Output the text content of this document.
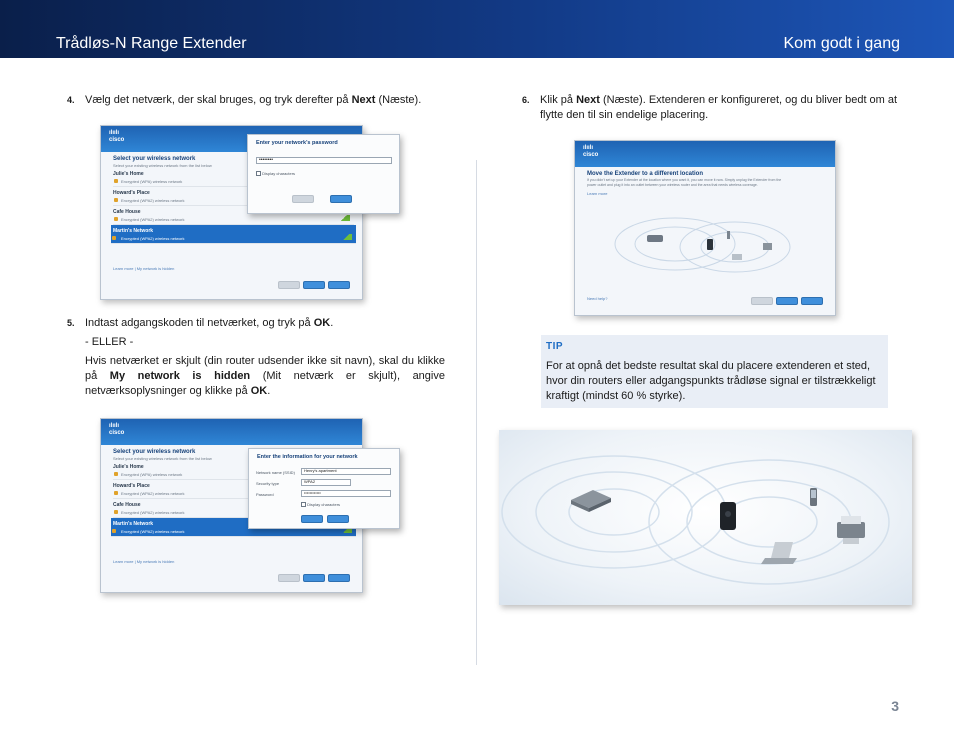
Trådløs-N Range Extender	Kom godt i gang
4. Vælg det netværk, der skal bruges, og tryk derefter på Next (Næste).
ılıılı
cisco
Select your wireless network
Select your existing wireless network from the list below
Julie's Home
Encrypted (WPA) wireless network
Howard's Place
Encrypted (WPA2) wireless network
Cafe House
Encrypted (WPA2) wireless network
Martin's Network
Encrypted (WPA2) wireless network
Learn more | My network is hidden
Enter your network's password
••••••••
Display characters
5. Indtast adgangskoden til netværket, og tryk på OK.
- ELLER -
Hvis netværket er skjult (din router udsender ikke sit navn), skal du klikke på My network is hidden (Mit netværk er skjult), angive netværksoplysninger og klikke på OK.
ılıılı
cisco
Select your wireless network
Select your existing wireless network from the list below
Julie's Home
Encrypted (WPA) wireless network
Howard's Place
Encrypted (WPA2) wireless network
Cafe House
Encrypted (WPA2) wireless network
Martin's Network
Encrypted (WPA2) wireless network
Learn more | My network is hidden
Enter the information for your network
Network name (SSID)	Henry's apartment
Security type	WPA2
Password	••••••••••••
Display characters
6. Klik på Next (Næste). Extenderen er konfigureret, og du bliver bedt om at flytte den til sin endelige placering.
ılıılı
cisco
Move the Extender to a different location
If you didn't set up your Extender at the location where you want it, you can move it now. Simply unplug the Extender from the power outlet and plug it into an outlet between your wireless router and the area that needs wireless coverage.
Learn more
Need help?
TIP
For at opnå det bedste resultat skal du placere extenderen et sted, hvor din routers eller adgangspunkts trådløse signal er tilstrækkeligt kraftigt (mindst 60 % styrke).
3
